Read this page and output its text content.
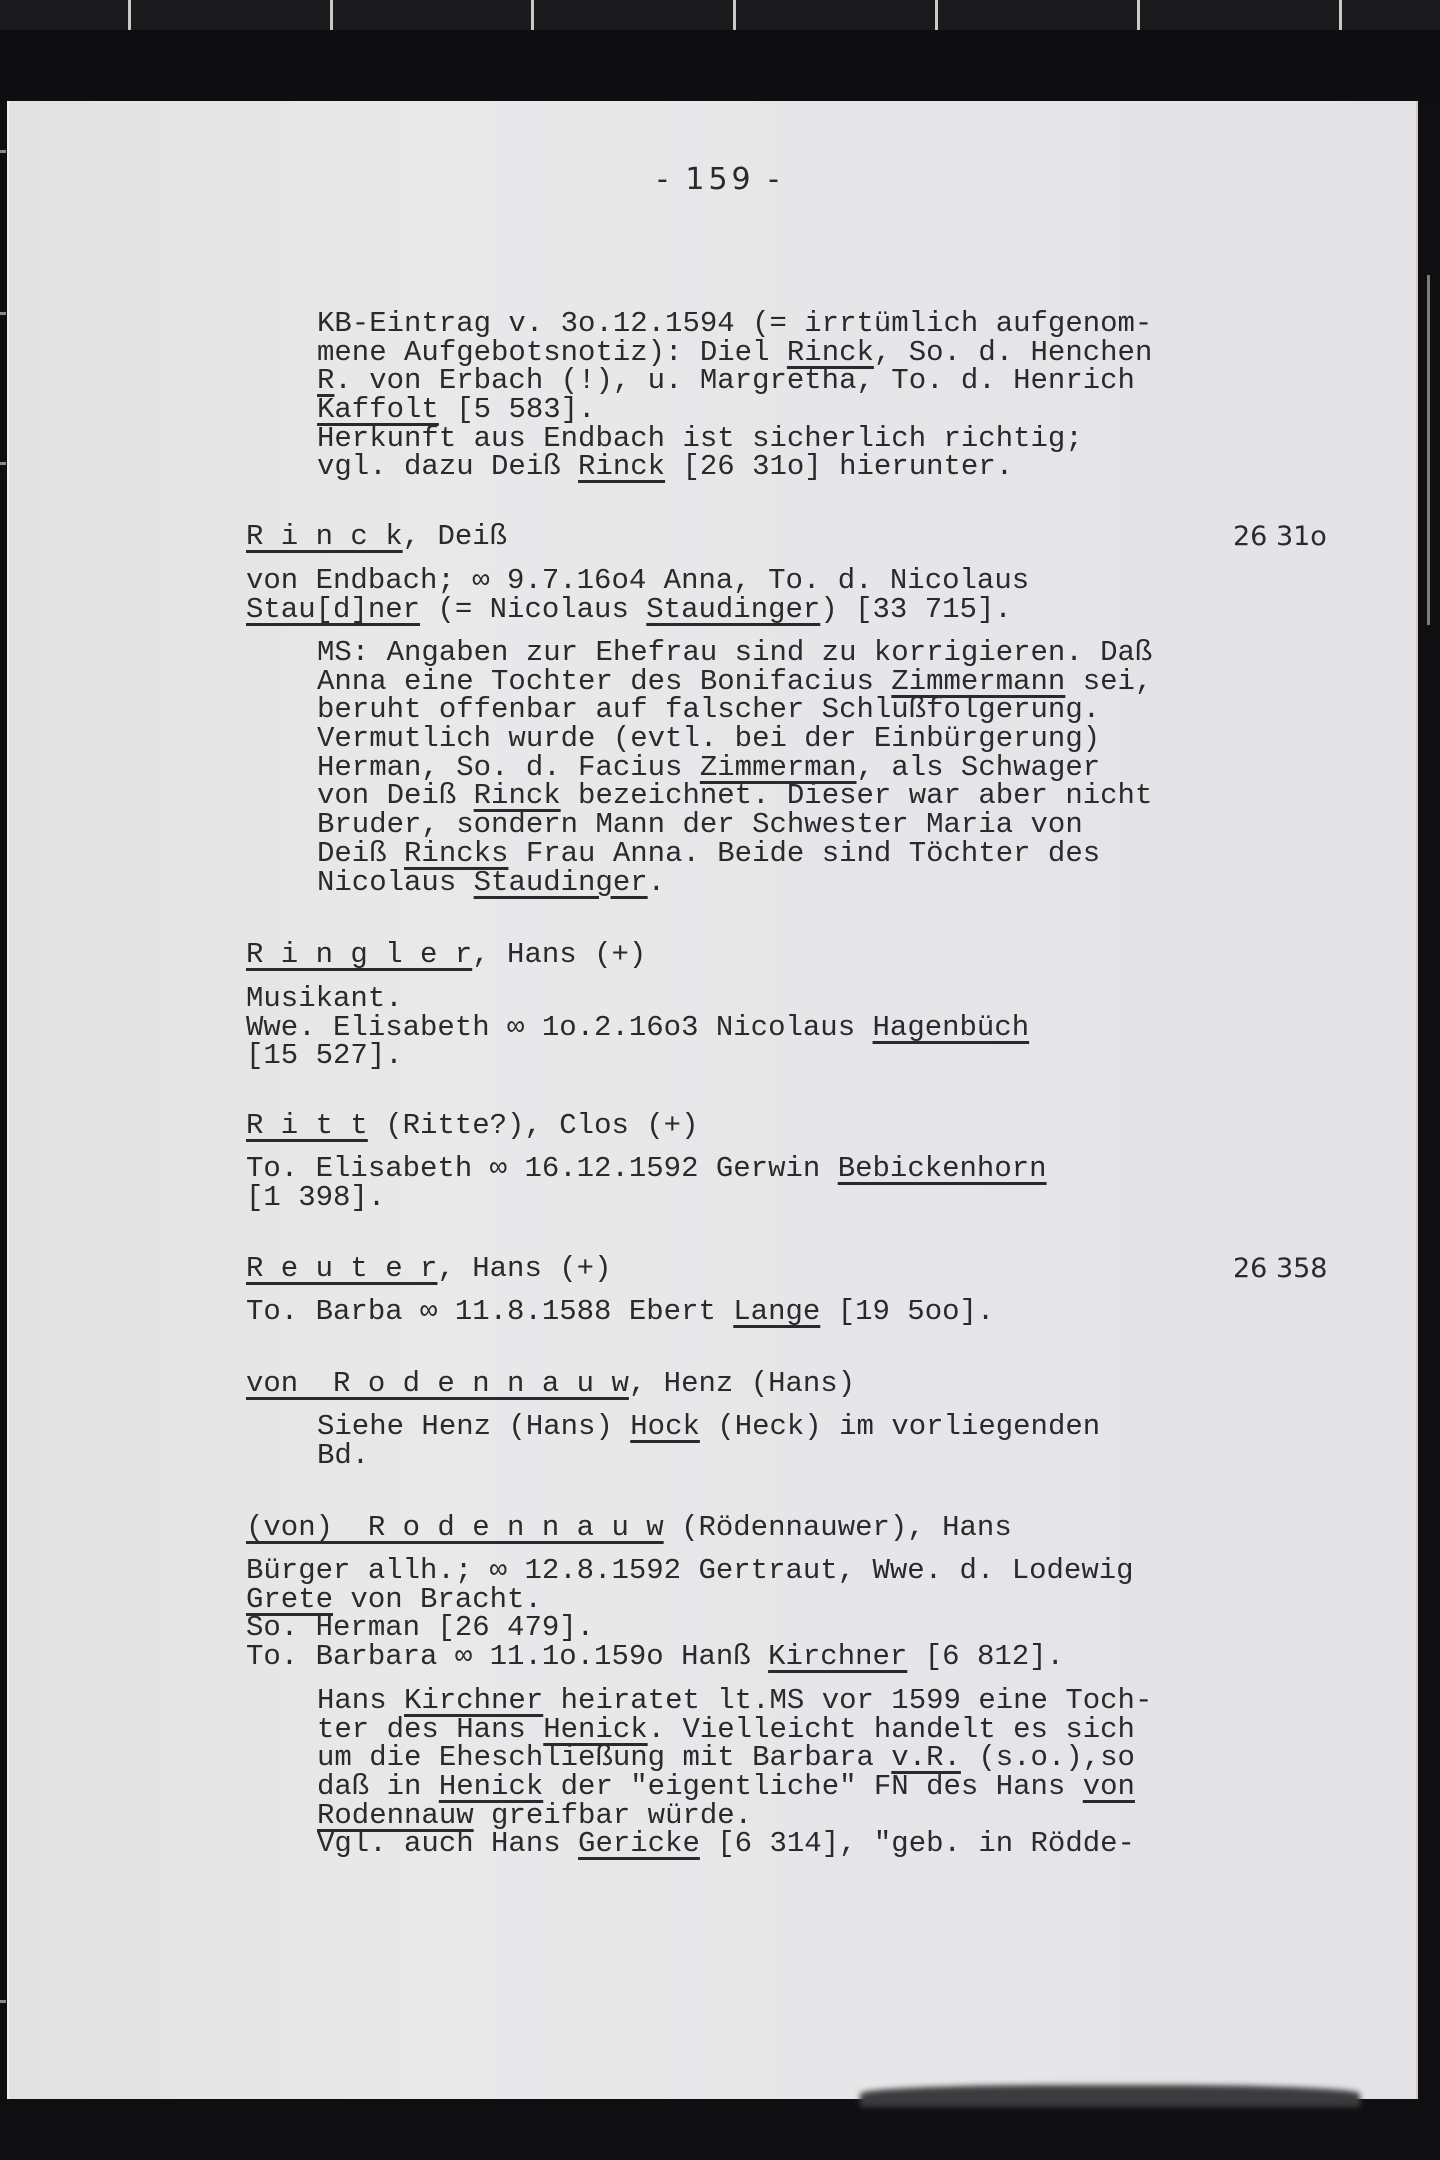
- 159 -
KB-Eintrag v. 3o.12.1594 (= irrtümlich aufgenom-
mene Aufgebotsnotiz): Diel Rinck, So. d. Henchen
R. von Erbach (!), u. Margretha, To. d. Henrich
Kaffolt [5 583].
Herkunft aus Endbach ist sicherlich richtig;
vgl. dazu Deiß Rinck [26 31o] hierunter.
R i n c k, Deiß	26 31o
von Endbach; ∞ 9.7.16o4 Anna, To. d. Nicolaus
Stau[d]ner (= Nicolaus Staudinger) [33 715].
MS: Angaben zur Ehefrau sind zu korrigieren. Daß
Anna eine Tochter des Bonifacius Zimmermann sei,
beruht offenbar auf falscher Schlußfolgerung.
Vermutlich wurde (evtl. bei der Einbürgerung)
Herman, So. d. Facius Zimmerman, als Schwager
von Deiß Rinck bezeichnet. Dieser war aber nicht
Bruder, sondern Mann der Schwester Maria von
Deiß Rincks Frau Anna. Beide sind Töchter des
Nicolaus Staudinger.
R i n g l e r, Hans (+)
Musikant.
Wwe. Elisabeth ∞ 1o.2.16o3 Nicolaus Hagenbüch
[15 527].
R i t t (Ritte?), Clos (+)
To. Elisabeth ∞ 16.12.1592 Gerwin Bebickenhorn
[1 398].
R e u t e r, Hans (+)	26 358
To. Barba ∞ 11.8.1588 Ebert Lange [19 5oo].
von  R o d e n n a u w, Henz (Hans)
Siehe Henz (Hans) Hock (Heck) im vorliegenden
Bd.
(von)  R o d e n n a u w (Rödennauwer), Hans
Bürger allh.; ∞ 12.8.1592 Gertraut, Wwe. d. Lodewig
Grete von Bracht.
So. Herman [26 479].
To. Barbara ∞ 11.1o.159o Hanß Kirchner [6 812].
Hans Kirchner heiratet lt.MS vor 1599 eine Toch-
ter des Hans Henick. Vielleicht handelt es sich
um die Eheschließung mit Barbara v.R. (s.o.),so
daß in Henick der "eigentliche" FN des Hans von
Rodennauw greifbar würde.
Vgl. auch Hans Gericke [6 314], "geb. in Rödde-
